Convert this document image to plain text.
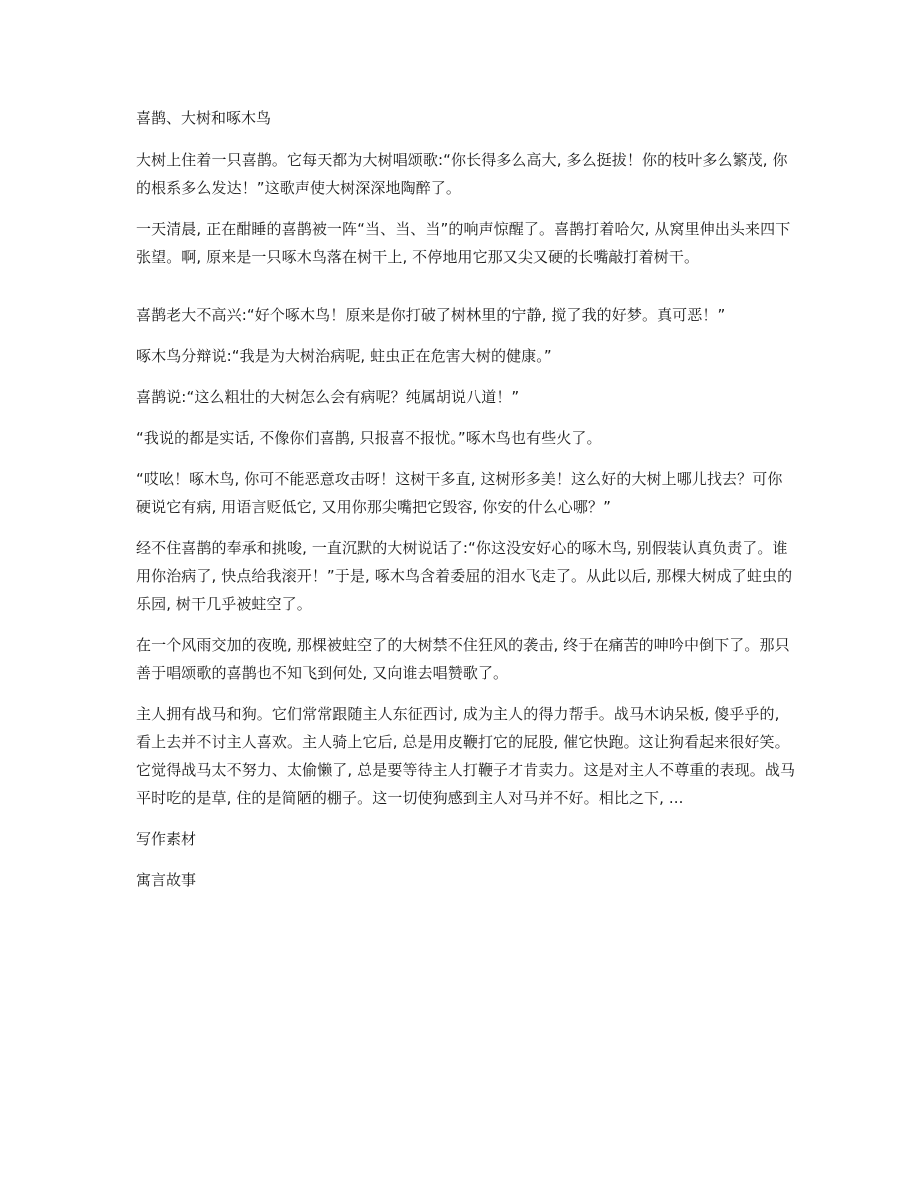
喜鹊、大树和啄木鸟

大树上住着一只喜鹊。它每天都为大树唱颂歌:“你长得多么高大, 多么挺拔！你的枝叶多么繁茂, 你的根系多么发达！”这歌声使大树深深地陶醉了。

一天清晨, 正在酣睡的喜鹊被一阵“当、当、当”的响声惊醒了。喜鹊打着哈欠, 从窝里伸出头来四下张望。啊, 原来是一只啄木鸟落在树干上, 不停地用它那又尖又硬的长嘴敲打着树干。

喜鹊老大不高兴:“好个啄木鸟！原来是你打破了树林里的宁静, 搅了我的好梦。真可恶！”

啄木鸟分辩说:“我是为大树治病呢, 蛀虫正在危害大树的健康。”

喜鹊说:“这么粗壮的大树怎么会有病呢？纯属胡说八道！”

“我说的都是实话, 不像你们喜鹊, 只报喜不报忧。”啄木鸟也有些火了。

“哎吆！啄木鸟, 你可不能恶意攻击呀！这树干多直, 这树形多美！这么好的大树上哪儿找去？可你硬说它有病, 用语言贬低它, 又用你那尖嘴把它毁容, 你安的什么心哪？”

经不住喜鹊的奉承和挑唆, 一直沉默的大树说话了:“你这没安好心的啄木鸟, 别假装认真负责了。谁用你治病了, 快点给我滚开！”于是, 啄木鸟含着委屈的泪水飞走了。从此以后, 那棵大树成了蛀虫的乐园, 树干几乎被蛀空了。

在一个风雨交加的夜晚, 那棵被蛀空了的大树禁不住狂风的袭击, 终于在痛苦的呻吟中倒下了。那只善于唱颂歌的喜鹊也不知飞到何处, 又向谁去唱赞歌了。

主人拥有战马和狗。它们常常跟随主人东征西讨, 成为主人的得力帮手。战马木讷呆板, 傻乎乎的, 看上去并不讨主人喜欢。主人骑上它后, 总是用皮鞭打它的屁股, 催它快跑。这让狗看起来很好笑。它觉得战马太不努力、太偷懒了, 总是要等待主人打鞭子才肯卖力。这是对主人不尊重的表现。战马平时吃的是草, 住的是简陋的棚子。这一切使狗感到主人对马并不好。相比之下, ...

写作素材
寓言故事
